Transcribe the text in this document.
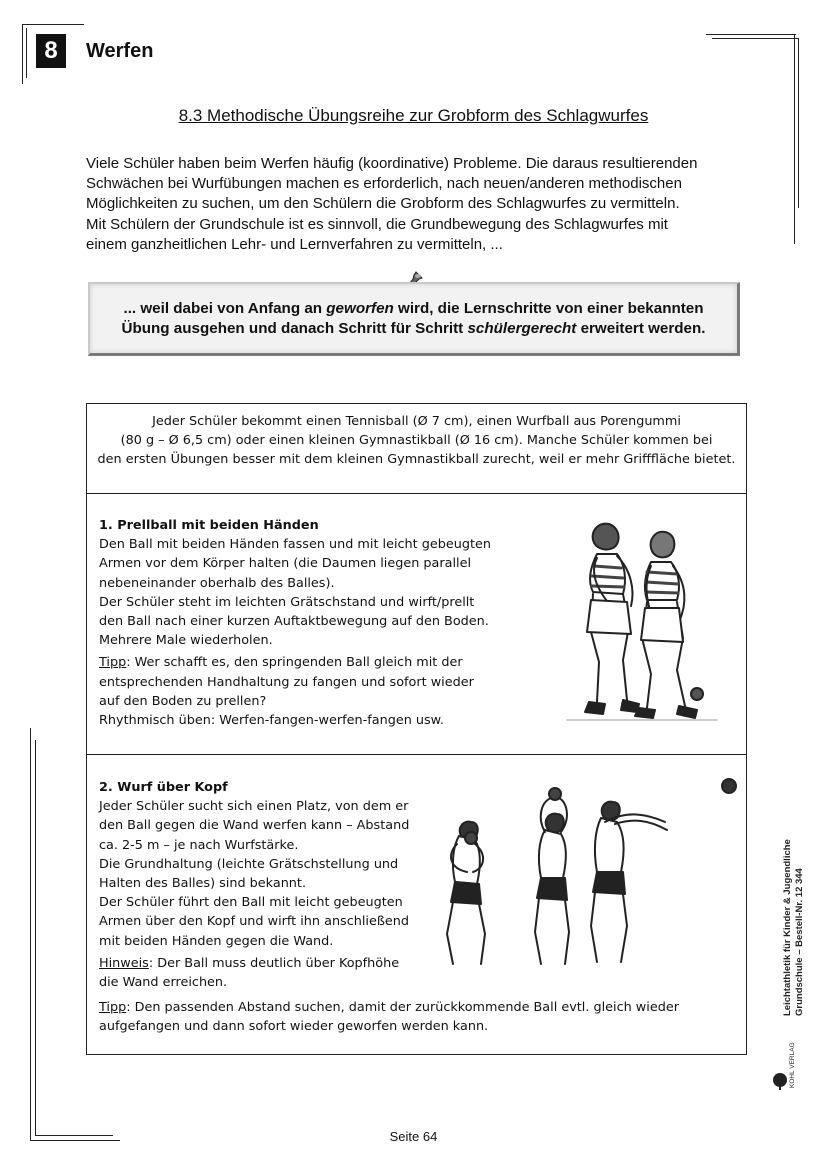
8	Werfen
8.3 Methodische Übungsreihe zur Grobform des Schlagwurfes
Viele Schüler haben beim Werfen häufig (koordinative) Probleme. Die daraus resultierenden
Schwächen bei Wurfübungen machen es erforderlich, nach neuen/anderen methodischen
Möglichkeiten zu suchen, um den Schülern die Grobform des Schlagwurfes zu vermitteln.
Mit Schülern der Grundschule ist es sinnvoll, die Grundbewegung des Schlagwurfes mit
einem ganzheitlichen Lehr- und Lernverfahren zu vermitteln, ...
... weil dabei von Anfang an geworfen wird, die Lernschritte von einer bekannten
Übung ausgehen und danach Schritt für Schritt schülergerecht erweitert werden.
Jeder Schüler bekommt einen Tennisball (Ø 7 cm), einen Wurfball aus Porengummi
(80 g – Ø 6,5 cm) oder einen kleinen Gymnastikball (Ø 16 cm). Manche Schüler kommen bei
den ersten Übungen besser mit dem kleinen Gymnastikball zurecht, weil er mehr Grifffläche bietet.
1. Prellball mit beiden Händen
Den Ball mit beiden Händen fassen und mit leicht gebeugten
Armen vor dem Körper halten (die Daumen liegen parallel
nebeneinander oberhalb des Balles).
Der Schüler steht im leichten Grätschstand und wirft/prellt
den Ball nach einer kurzen Auftaktbewegung auf den Boden.
Mehrere Male wiederholen.
Tipp: Wer schafft es, den springenden Ball gleich mit der
entsprechenden Handhaltung zu fangen und sofort wieder
auf den Boden zu prellen?
Rhythmisch üben: Werfen-fangen-werfen-fangen usw.
2. Wurf über Kopf
Jeder Schüler sucht sich einen Platz, von dem er
den Ball gegen die Wand werfen kann – Abstand
ca. 2-5 m – je nach Wurfstärke.
Die Grundhaltung (leichte Grätschstellung und
Halten des Balles) sind bekannt.
Der Schüler führt den Ball mit leicht gebeugten
Armen über den Kopf und wirft ihn anschließend
mit beiden Händen gegen die Wand.
Hinweis: Der Ball muss deutlich über Kopfhöhe
die Wand erreichen.
Tipp: Den passenden Abstand suchen, damit der zurückkommende Ball evtl. gleich wieder
aufgefangen und dann sofort wieder geworfen werden kann.
Leichtathletik für Kinder & Jugendliche Grundschule – Bestell-Nr. 12 344
KOHL VERLAG
Seite 64
